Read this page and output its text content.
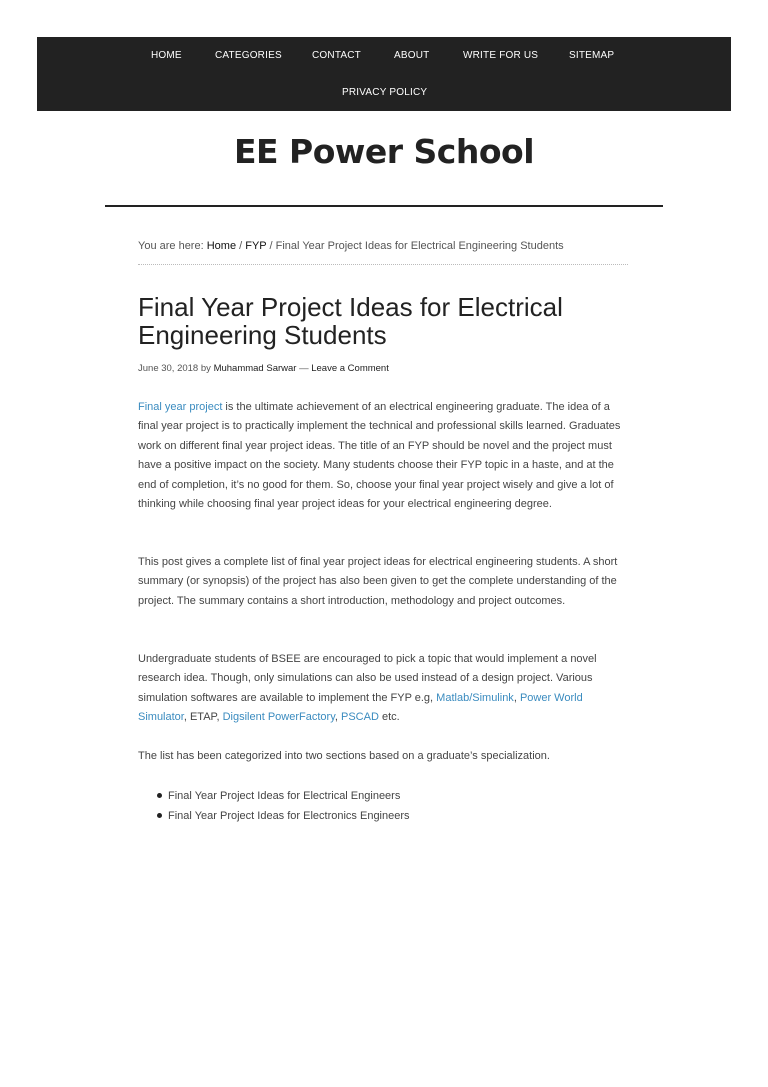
HOME	CATEGORIES	CONTACT	ABOUT	WRITE FOR US	SITEMAP
PRIVACY POLICY
EE Power School
You are here: Home / FYP / Final Year Project Ideas for Electrical Engineering Students
Final Year Project Ideas for Electrical Engineering Students
June 30, 2018 by Muhammad Sarwar — Leave a Comment

Final year project is the ultimate achievement of an electrical engineering graduate. The idea of a final year project is to practically implement the technical and professional skills learned. Graduates work on different final year project ideas. The title of an FYP should be novel and the project must have a positive impact on the society. Many students choose their FYP topic in a haste, and at the end of completion, it’s no good for them. So, choose your final year project wisely and give a lot of thinking while choosing final year project ideas for your electrical engineering degree.

This post gives a complete list of final year project ideas for electrical engineering students. A short summary (or synopsis) of the project has also been given to get the complete understanding of the project. The summary contains a short introduction, methodology and project outcomes.

Undergraduate students of BSEE are encouraged to pick a topic that would implement a novel research idea. Though, only simulations can also be used instead of a design project. Various simulation softwares are available to implement the FYP e.g, Matlab/Simulink, Power World Simulator, ETAP, Digsilent PowerFactory, PSCAD etc.

The list has been categorized into two sections based on a graduate’s specialization.

Final Year Project Ideas for Electrical Engineers
Final Year Project Ideas for Electronics Engineers
